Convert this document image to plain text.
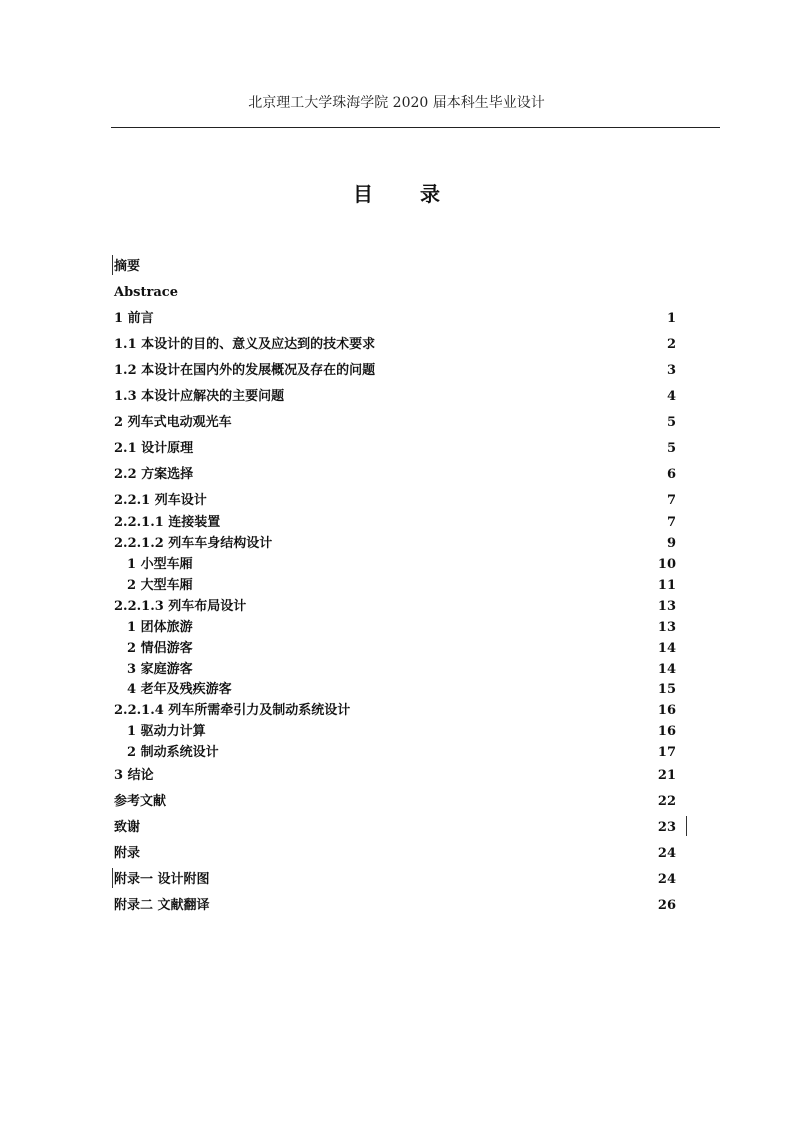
北京理工大学珠海学院 2020 届本科生毕业设计
目 录
摘要
Abstrace
1 前言	1
1.1 本设计的目的、意义及应达到的技术要求	2
1.2 本设计在国内外的发展概况及存在的问题	3
1.3 本设计应解决的主要问题	4
2 列车式电动观光车	5
2.1 设计原理	5
2.2 方案选择	6
2.2.1 列车设计	7
2.2.1.1 连接装置	7
2.2.1.2 列车车身结构设计	9
1 小型车厢	10
2 大型车厢	11
2.2.1.3 列车布局设计	13
1 团体旅游	13
2 情侣游客	14
3 家庭游客	14
4 老年及残疾游客	15
2.2.1.4 列车所需牵引力及制动系统设计	16
1 驱动力计算	16
2 制动系统设计	17
3 结论	21
参考文献	22
致谢	23
附录	24
附录一 设计附图	24
附录二 文献翻译	26
